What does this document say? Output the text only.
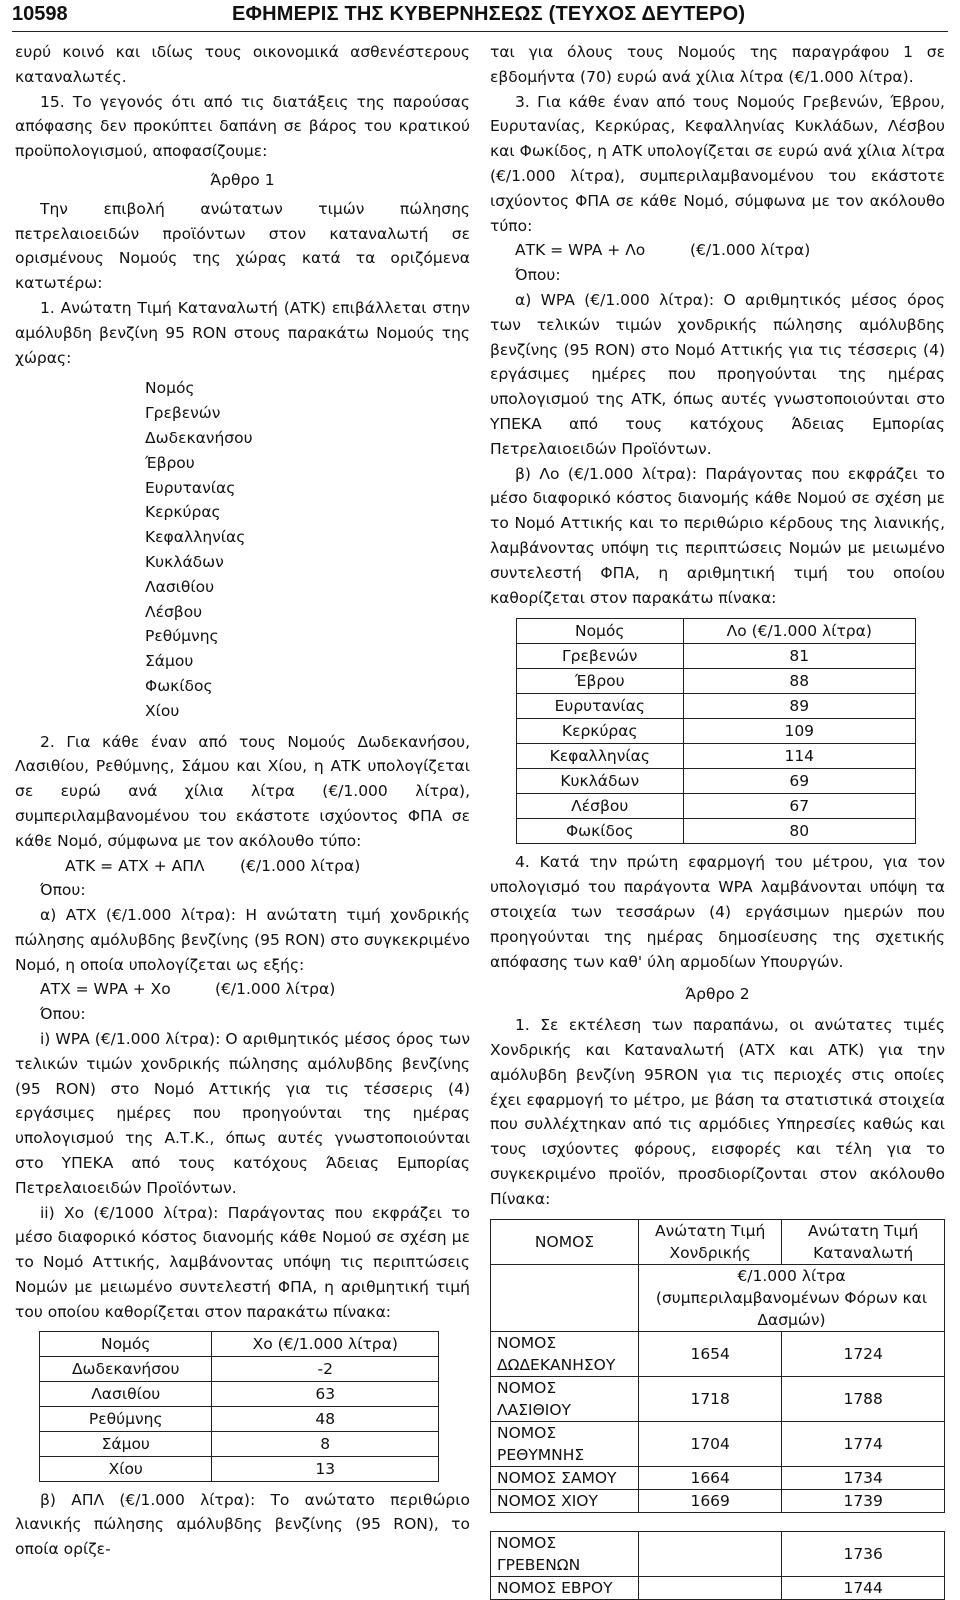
10598	ΕΦΗΜΕΡΙΣ ΤΗΣ ΚΥΒΕΡΝΗΣΕΩΣ (ΤΕΥΧΟΣ ΔΕΥΤΕΡΟ)

ευρύ κοινό και ιδίως τους οικονομικά ασθενέστερους καταναλωτές.

15. Το γεγονός ότι από τις διατάξεις της παρούσας απόφασης δεν προκύπτει δαπάνη σε βάρος του κρατικού προϋπολογισμού, αποφασίζουμε:

Άρθρο 1

Την επιβολή ανώτατων τιμών πώλησης πετρελαιοειδών προϊόντων στον καταναλωτή σε ορισμένους Νομούς της χώρας κατά τα οριζόμενα κατωτέρω:

1. Ανώτατη Τιμή Καταναλωτή (ΑΤΚ) επιβάλλεται στην αμόλυβδη βενζίνη 95 RON στους παρακάτω Νομούς της χώρας:

Νομός
Γρεβενών
Δωδεκανήσου
Έβρου
Ευρυτανίας
Κερκύρας
Κεφαλληνίας
Κυκλάδων
Λασιθίου
Λέσβου
Ρεθύμνης
Σάμου
Φωκίδος
Χίου

2. Για κάθε έναν από τους Νομούς Δωδεκανήσου, Λασιθίου, Ρεθύμνης, Σάμου και Χίου, η ΑΤΚ υπολογίζεται σε ευρώ ανά χίλια λίτρα (€/1.000 λίτρα), συμπεριλαμβανομένου του εκάστοτε ισχύοντος ΦΠΑ σε κάθε Νομό, σύμφωνα με τον ακόλουθο τύπο:

ΑΤΚ = ΑΤΧ + ΑΠΛ	(€/1.000 λίτρα)

Όπου:

α) ΑΤΧ (€/1.000 λίτρα): Η ανώτατη τιμή χονδρικής πώλησης αμόλυβδης βενζίνης (95 RON) στο συγκεκριμένο Νομό, η οποία υπολογίζεται ως εξής:

ΑΤΧ = WPA + Χο	(€/1.000 λίτρα)

Όπου:

i) WPA (€/1.000 λίτρα): Ο αριθμητικός μέσος όρος των τελικών τιμών χονδρικής πώλησης αμόλυβδης βενζίνης (95 RON) στο Νομό Αττικής για τις τέσσερις (4) εργάσιμες ημέρες που προηγούνται της ημέρας υπολογισμού της Α.Τ.Κ., όπως αυτές γνωστοποιούνται στο ΥΠΕΚΑ από τους κατόχους Άδειας Εμπορίας Πετρελαιοειδών Προϊόντων.

ii) Χο (€/1000 λίτρα): Παράγοντας που εκφράζει το μέσο διαφορικό κόστος διανομής κάθε Νομού σε σχέση με το Νομό Αττικής, λαμβάνοντας υπόψη τις περιπτώσεις Νομών με μειωμένο συντελεστή ΦΠΑ, η αριθμητική τιμή του οποίου καθορίζεται στον παρακάτω πίνακα:

Νομός	Χο (€/1.000 λίτρα)
Δωδεκανήσου	-2
Λασιθίου	63
Ρεθύμνης	48
Σάμου	8
Χίου	13

β) ΑΠΛ (€/1.000 λίτρα): Το ανώτατο περιθώριο λιανικής πώλησης αμόλυβδης βενζίνης (95 RON), το οποία ορίζε-

ται για όλους τους Νομούς της παραγράφου 1 σε εβδομήντα (70) ευρώ ανά χίλια λίτρα (€/1.000 λίτρα).

3. Για κάθε έναν από τους Νομούς Γρεβενών, Έβρου, Ευρυτανίας, Κερκύρας, Κεφαλληνίας Κυκλάδων, Λέσβου και Φωκίδος, η ΑΤΚ υπολογίζεται σε ευρώ ανά χίλια λίτρα (€/1.000 λίτρα), συμπεριλαμβανομένου του εκάστοτε ισχύοντος ΦΠΑ σε κάθε Νομό, σύμφωνα με τον ακόλουθο τύπο:

ΑΤΚ = WPA + Λο	(€/1.000 λίτρα)

Όπου:

α) WPA (€/1.000 λίτρα): Ο αριθμητικός μέσος όρος των τελικών τιμών χονδρικής πώλησης αμόλυβδης βενζίνης (95 RON) στο Νομό Αττικής για τις τέσσερις (4) εργάσιμες ημέρες που προηγούνται της ημέρας υπολογισμού της ΑΤΚ, όπως αυτές γνωστοποιούνται στο ΥΠΕΚΑ από τους κατόχους Άδειας Εμπορίας Πετρελαιοειδών Προϊόντων.

β) Λο (€/1.000 λίτρα): Παράγοντας που εκφράζει το μέσο διαφορικό κόστος διανομής κάθε Νομού σε σχέση με το Νομό Αττικής και το περιθώριο κέρδους της λιανικής, λαμβάνοντας υπόψη τις περιπτώσεις Νομών με μειωμένο συντελεστή ΦΠΑ, η αριθμητική τιμή του οποίου καθορίζεται στον παρακάτω πίνακα:

Νομός	Λο (€/1.000 λίτρα)
Γρεβενών	81
Έβρου	88
Ευρυτανίας	89
Κερκύρας	109
Κεφαλληνίας	114
Κυκλάδων	69
Λέσβου	67
Φωκίδος	80

4. Κατά την πρώτη εφαρμογή του μέτρου, για τον υπολογισμό του παράγοντα WPA λαμβάνονται υπόψη τα στοιχεία των τεσσάρων (4) εργάσιμων ημερών που προηγούνται της ημέρας δημοσίευσης της σχετικής απόφασης των καθ' ύλη αρμοδίων Υπουργών.

Άρθρο 2

1. Σε εκτέλεση των παραπάνω, οι ανώτατες τιμές Χονδρικής και Καταναλωτή (ΑΤΧ και ΑΤΚ) για την αμόλυβδη βενζίνη 95RON για τις περιοχές στις οποίες έχει εφαρμογή το μέτρο, με βάση τα στατιστικά στοιχεία που συλλέχτηκαν από τις αρμόδιες Υπηρεσίες καθώς και τους ισχύοντες φόρους, εισφορές και τέλη για το συγκεκριμένο προϊόν, προσδιορίζονται στον ακόλουθο Πίνακα:

ΝΟΜΟΣ	Ανώτατη Τιμή Χονδρικής	Ανώτατη Τιμή Καταναλωτή
	€/1.000 λίτρα (συμπεριλαμβανομένων Φόρων και Δασμών)	
ΝΟΜΟΣ ΔΩΔΕΚΑΝΗΣΟΥ	1654	1724
ΝΟΜΟΣ ΛΑΣΙΘΙΟΥ	1718	1788
ΝΟΜΟΣ ΡΕΘΥΜΝΗΣ	1704	1774
ΝΟΜΟΣ ΣΑΜΟΥ	1664	1734
ΝΟΜΟΣ ΧΙΟΥ	1669	1739

ΝΟΜΟΣ ΓΡΕΒΕΝΩΝ		1736
ΝΟΜΟΣ ΕΒΡΟΥ		1744
